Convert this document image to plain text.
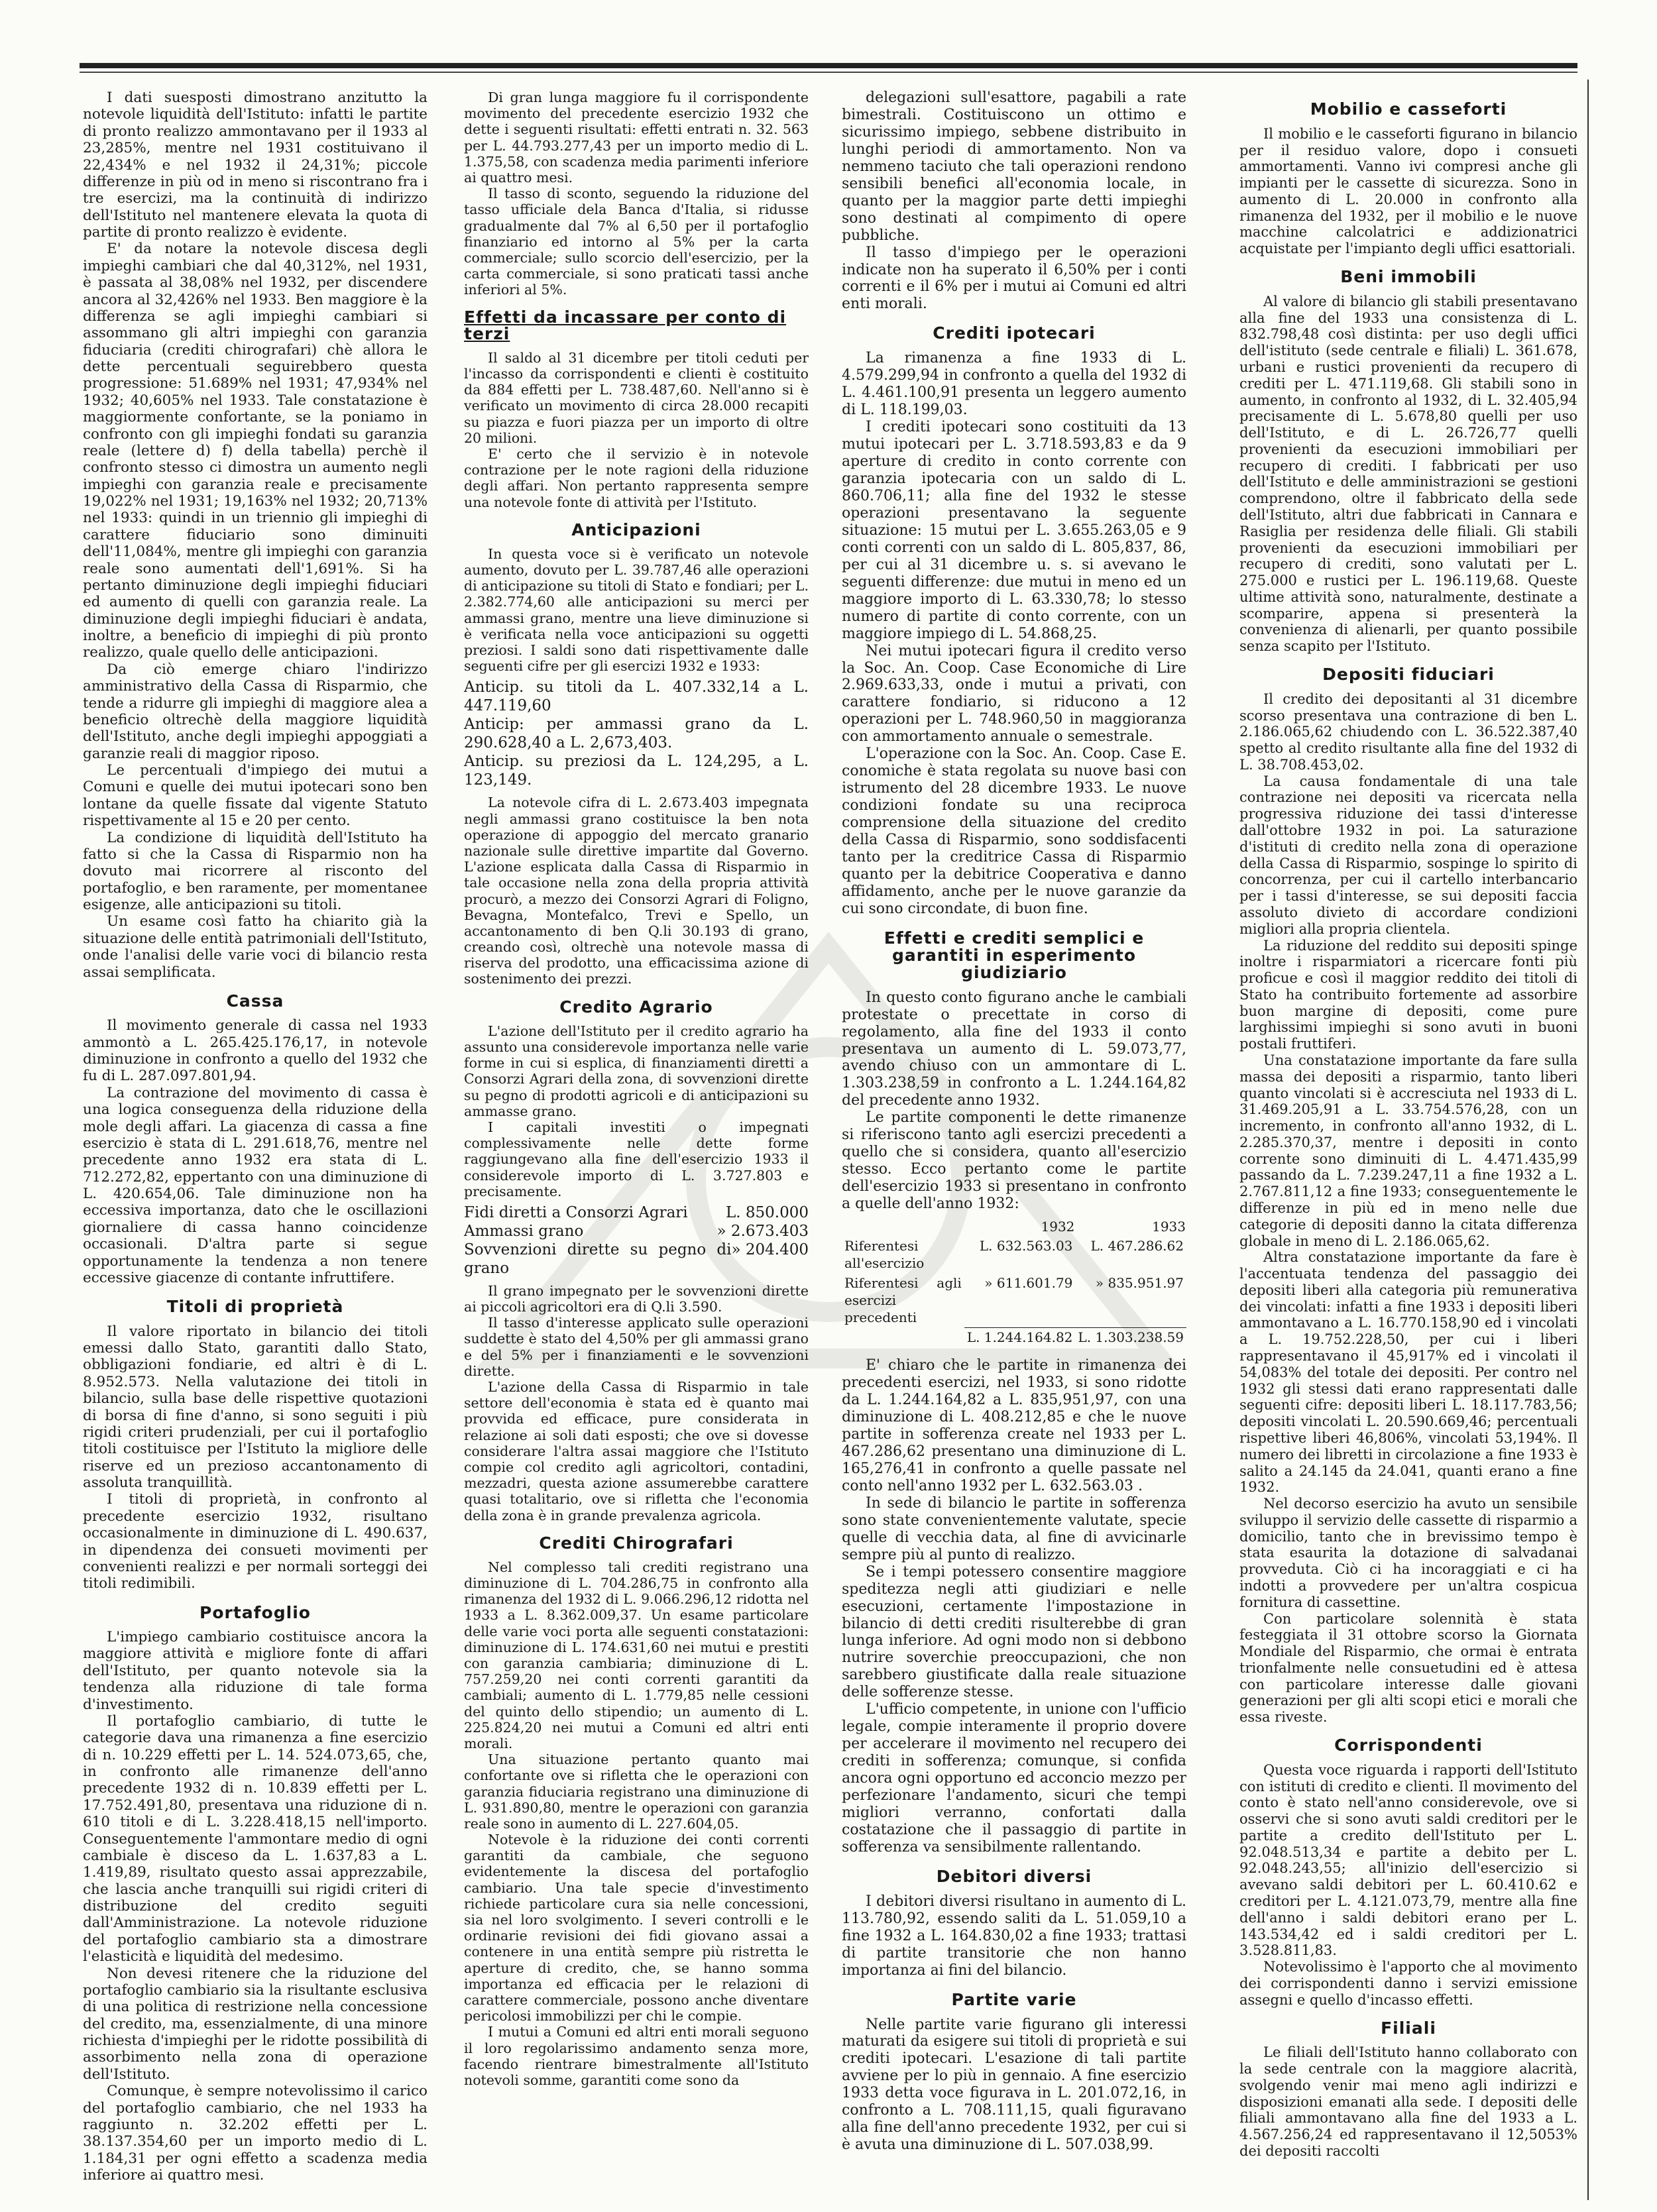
I dati suesposti dimostrano anzitutto la notevole liquidità dell'Istituto: infatti le partite di pronto realizzo ammontavano per il 1933 al 23,285%, mentre nel 1931 costituivano il 22,434% e nel 1932 il 24,31%; piccole differenze in più od in meno si riscontrano fra i tre esercizi, ma la continuità di indirizzo dell'Istituto nel mantenere elevata la quota di partite di pronto realizzo è evidente.

E' da notare la notevole discesa degli impieghi cambiari che dal 40,312%, nel 1931, è passata al 38,08% nel 1932, per discendere ancora al 32,426% nel 1933. Ben maggiore è la differenza se agli impieghi cambiari si assommano gli altri impieghi con garanzia fiduciaria (crediti chirografari) chè allora le dette percentuali seguirebbero questa progressione: 51.689% nel 1931; 47,934% nel 1932; 40,605% nel 1933. Tale constatazione è maggiormente confortante, se la poniamo in confronto con gli impieghi fondati su garanzia reale (lettere d) f) della tabella) perchè il confronto stesso ci dimostra un aumento negli impieghi con garanzia reale e precisamente 19,022% nel 1931; 19,163% nel 1932; 20,713% nel 1933: quindi in un triennio gli impieghi di carattere fiduciario sono diminuiti dell'11,084%, mentre gli impieghi con garanzia reale sono aumentati dell'1,691%. Si ha pertanto diminuzione degli impieghi fiduciari ed aumento di quelli con garanzia reale. La diminuzione degli impieghi fiduciari è andata, inoltre, a beneficio di impieghi di più pronto realizzo, quale quello delle anticipazioni.

Da ciò emerge chiaro l'indirizzo amministrativo della Cassa di Risparmio, che tende a ridurre gli impieghi di maggiore alea a beneficio oltrechè della maggiore liquidità dell'Istituto, anche degli impieghi appoggiati a garanzie reali di maggior riposo.

Le percentuali d'impiego dei mutui a Comuni e quelle dei mutui ipotecari sono ben lontane da quelle fissate dal vigente Statuto rispettivamente al 15 e 20 per cento.

La condizione di liquidità dell'Istituto ha fatto si che la Cassa di Risparmio non ha dovuto mai ricorrere al risconto del portafoglio, e ben raramente, per momentanee esigenze, alle anticipazioni su titoli.

Un esame così fatto ha chiarito già la situazione delle entità patrimoniali dell'Istituto, onde l'analisi delle varie voci di bilancio resta assai semplificata.

Cassa

Il movimento generale di cassa nel 1933 ammontò a L. 265.425.176,17, in notevole diminuzione in confronto a quello del 1932 che fu di L. 287.097.801,94.

La contrazione del movimento di cassa è una logica conseguenza della riduzione della mole degli affari. La giacenza di cassa a fine esercizio è stata di L. 291.618,76, mentre nel precedente anno 1932 era stata di L. 712.272,82, eppertanto con una diminuzione di L. 420.654,06. Tale diminuzione non ha eccessiva importanza, dato che le oscillazioni giornaliere di cassa hanno coincidenze occasionali. D'altra parte si segue opportunamente la tendenza a non tenere eccessive giacenze di contante infruttifere.

Titoli di proprietà

Il valore riportato in bilancio dei titoli emessi dallo Stato, garantiti dallo Stato, obbligazioni fondiarie, ed altri è di L. 8.952.573. Nella valutazione dei titoli in bilancio, sulla base delle rispettive quotazioni di borsa di fine d'anno, si sono seguiti i più rigidi criteri prudenziali, per cui il portafoglio titoli costituisce per l'Istituto la migliore delle riserve ed un prezioso accantonamento di assoluta tranquillità.

I titoli di proprietà, in confronto al precedente esercizio 1932, risultano occasionalmente in diminuzione di L. 490.637, in dipendenza dei consueti movimenti per convenienti realizzi e per normali sorteggi dei titoli redimibili.

Portafoglio

L'impiego cambiario costituisce ancora la maggiore attività e migliore fonte di affari dell'Istituto, per quanto notevole sia la tendenza alla riduzione di tale forma d'investimento.

Il portafoglio cambiario, di tutte le categorie dava una rimanenza a fine esercizio di n. 10.229 effetti per L. 14. 524.073,65, che, in confronto alle rimanenze dell'anno precedente 1932 di n. 10.839 effetti per L. 17.752.491,80, presentava una riduzione di n. 610 titoli e di L. 3.228.418,15 nell'importo. Conseguentemente l'ammontare medio di ogni cambiale è disceso da L. 1.637,83 a L. 1.419,89, risultato questo assai apprezzabile, che lascia anche tranquilli sui rigidi criteri di distribuzione del credito seguiti dall'Amministrazione. La notevole riduzione del portafoglio cambiario sta a dimostrare l'elasticità e liquidità del medesimo.

Non devesi ritenere che la riduzione del portafoglio cambiario sia la risultante esclusiva di una politica di restrizione nella concessione del credito, ma, essenzialmente, di una minore richiesta d'impieghi per le ridotte possibilità di assorbimento nella zona di operazione dell'Istituto.

Comunque, è sempre notevolissimo il carico del portafoglio cambiario, che nel 1933 ha raggiunto n. 32.202 effetti per L. 38.137.354,60 per un importo medio di L. 1.184,31 per ogni effetto a scadenza media inferiore ai quattro mesi.

Di gran lunga maggiore fu il corrispondente movimento del precedente esercizio 1932 che dette i seguenti risultati: effetti entrati n. 32. 563 per L. 44.793.277,43 per un importo medio di L. 1.375,58, con scadenza media parimenti inferiore ai quattro mesi.

Il tasso di sconto, seguendo la riduzione del tasso ufficiale dela Banca d'Italia, si ridusse gradualmente dal 7% al 6,50 per il portafoglio finanziario ed intorno al 5% per la carta commerciale; sullo scorcio dell'esercizio, per la carta commerciale, si sono praticati tassi anche inferiori al 5%.

Effetti da incassare per conto di terzi

Il saldo al 31 dicembre per titoli ceduti per l'incasso da corrispondenti e clienti è costituito da 884 effetti per L. 738.487,60. Nell'anno si è verificato un movimento di circa 28.000 recapiti su piazza e fuori piazza per un importo di oltre 20 milioni.

E' certo che il servizio è in notevole contrazione per le note ragioni della riduzione degli affari. Non pertanto rappresenta sempre una notevole fonte di attività per l'Istituto.

Anticipazioni

In questa voce si è verificato un notevole aumento, dovuto per L. 39.787,46 alle operazioni di anticipazione su titoli di Stato e fondiari; per L. 2.382.774,60 alle anticipazioni su merci per ammassi grano, mentre una lieve diminuzione si è verificata nella voce anticipazioni su oggetti preziosi. I saldi sono dati rispettivamente dalle seguenti cifre per gli esercizi 1932 e 1933:

Anticip. su titoli da L. 407.332,14 a L. 447.119,60
Anticip: per ammassi grano da L. 290.628,40 a L. 2,673,403.
Anticip. su preziosi da L. 124,295, a L. 123,149.

La notevole cifra di L. 2.673.403 impegnata negli ammassi grano costituisce la ben nota operazione di appoggio del mercato granario nazionale sulle direttive impartite dal Governo. L'azione esplicata dalla Cassa di Risparmio in tale occasione nella zona della propria attività procurò, a mezzo dei Consorzi Agrari di Foligno, Bevagna, Montefalco, Trevi e Spello, un accantonamento di ben Q.li 30.193 di grano, creando così, oltrechè una notevole massa di riserva del prodotto, una efficacissima azione di sostenimento dei prezzi.

Credito Agrario

L'azione dell'Istituto per il credito agrario ha assunto una considerevole importanza nelle varie forme in cui si esplica, di finanziamenti diretti a Consorzi Agrari della zona, di sovvenzioni dirette su pegno di prodotti agricoli e di anticipazioni su ammasse grano.

I capitali investiti o impegnati complessivamente nelle dette forme raggiungevano alla fine dell'esercizio 1933 il considerevole importo di L. 3.727.803 e precisamente.

Fidi diretti a Consorzi Agrari L. 850.000
Ammassi grano	» 2.673.403
Sovvenzioni dirette su pegno di grano
» 204.400

Il grano impegnato per le sovvenzioni dirette ai piccoli agricoltori era di Q.li 3.590.

Il tasso d'interesse applicato sulle operazioni suddette è stato del 4,50% per gli ammassi grano e del 5% per i finanziamenti e le sovvenzioni dirette.

L'azione della Cassa di Risparmio in tale settore dell'economia è stata ed è quanto mai provvida ed efficace, pure considerata in relazione ai soli dati esposti; che ove si dovesse considerare l'altra assai maggiore che l'Istituto compie col credito agli agricoltori, contadini, mezzadri, questa azione assumerebbe carattere quasi totalitario, ove si rifletta che l'economia della zona è in grande prevalenza agricola.

Crediti Chirografari

Nel complesso tali crediti registrano una diminuzione di L. 704.286,75 in confronto alla rimanenza del 1932 di L. 9.066.296,12 ridotta nel 1933 a L. 8.362.009,37. Un esame particolare delle varie voci porta alle seguenti constatazioni: diminuzione di L. 174.631,60 nei mutui e prestiti con garanzia cambiaria; diminuzione di L. 757.259,20 nei conti correnti garantiti da cambiali; aumento di L. 1.779,85 nelle cessioni del quinto dello stipendio; un aumento di L. 225.824,20 nei mutui a Comuni ed altri enti morali.

Una situazione pertanto quanto mai confortante ove si rifletta che le operazioni con garanzia fiduciaria registrano una diminuzione di L. 931.890,80, mentre le operazioni con garanzia reale sono in aumento di L. 227.604,05.

Notevole è la riduzione dei conti correnti garantiti da cambiale, che seguono evidentemente la discesa del portafoglio cambiario. Una tale specie d'investimento richiede particolare cura sia nelle concessioni, sia nel loro svolgimento. I severi controlli e le ordinarie revisioni dei fidi giovano assai a contenere in una entità sempre più ristretta le aperture di credito, che, se hanno somma importanza ed efficacia per le relazioni di carattere commerciale, possono anche diventare pericolosi immobilizzi per chi le compie.

I mutui a Comuni ed altri enti morali seguono il loro regolarissimo andamento senza more, facendo rientrare bimestralmente all'Istituto notevoli somme, garantiti come sono da

delegazioni sull'esattore, pagabili a rate bimestrali. Costituiscono un ottimo e sicurissimo impiego, sebbene distribuito in lunghi periodi di ammortamento. Non va nemmeno taciuto che tali operazioni rendono sensibili benefici all'economia locale, in quanto per la maggior parte detti impieghi sono destinati al compimento di opere pubbliche.

Il tasso d'impiego per le operazioni indicate non ha superato il 6,50% per i conti correnti e il 6% per i mutui ai Comuni ed altri enti morali.

Crediti ipotecari

La rimanenza a fine 1933 di L. 4.579.299,94 in confronto a quella del 1932 di L. 4.461.100,91 presenta un leggero aumento di L. 118.199,03.

I crediti ipotecari sono costituiti da 13 mutui ipotecari per L. 3.718.593,83 e da 9 aperture di credito in conto corrente con garanzia ipotecaria con un saldo di L. 860.706,11; alla fine del 1932 le stesse operazioni presentavano la seguente situazione: 15 mutui per L. 3.655.263,05 e 9 conti correnti con un saldo di L. 805,837, 86, per cui al 31 dicembre u. s. si avevano le seguenti differenze: due mutui in meno ed un maggiore importo di L. 63.330,78; lo stesso numero di partite di conto corrente, con un maggiore impiego di L. 54.868,25.

Nei mutui ipotecari figura il credito verso la Soc. An. Coop. Case Economiche di Lire 2.969.633,33, onde i mutui a privati, con carattere fondiario, si riducono a 12 operazioni per L. 748.960,50 in maggioranza con ammortamento annuale o semestrale.

L'operazione con la Soc. An. Coop. Case E. conomiche è stata regolata su nuove basi con istrumento del 28 dicembre 1933. Le nuove condizioni fondate su una reciproca comprensione della situazione del credito della Cassa di Risparmio, sono soddisfacenti tanto per la creditrice Cassa di Risparmio quanto per la debitrice Cooperativa e danno affidamento, anche per le nuove garanzie da cui sono circondate, di buon fine.

Effetti e crediti semplici e garantiti in esperimento giudiziario

In questo conto figurano anche le cambiali protestate o precettate in corso di regolamento, alla fine del 1933 il conto presentava un aumento di L. 59.073,77, avendo chiuso con un ammontare di L. 1.303.238,59 in confronto a L. 1.244.164,82 del precedente anno 1932.

Le partite componenti le dette rimanenze si riferiscono tanto agli esercizi precedenti a quello che si considera, quanto all'esercizio stesso. Ecco pertanto come le partite dell'esercizio 1933 si presentano in confronto a quelle dell'anno 1932:

	1932	1933
Riferentesi all'esercizio	L. 632.563.03	L. 467.286.62
Riferentesi agli esercizi precedenti	» 611.601.79	» 835.951.97
	L. 1.244.164.82	L. 1.303.238.59

E' chiaro che le partite in rimanenza dei precedenti esercizi, nel 1933, si sono ridotte da L. 1.244.164,82 a L. 835,951,97, con una diminuzione di L. 408.212,85 e che le nuove partite in sofferenza create nel 1933 per L. 467.286,62 presentano una diminuzione di L. 165,276,41 in confronto a quelle passate nel conto nell'anno 1932 per L. 632.563.03 .

In sede di bilancio le partite in sofferenza sono state convenientemente valutate, specie quelle di vecchia data, al fine di avvicinarle sempre più al punto di realizzo.

Se i tempi potessero consentire maggiore speditezza negli atti giudiziari e nelle esecuzioni, certamente l'impostazione in bilancio di detti crediti risulterebbe di gran lunga inferiore. Ad ogni modo non si debbono nutrire soverchie preoccupazioni, che non sarebbero giustificate dalla reale situazione delle sofferenze stesse.

L'ufficio competente, in unione con l'ufficio legale, compie interamente il proprio dovere per accelerare il movimento nel recupero dei crediti in sofferenza; comunque, si confida ancora ogni opportuno ed acconcio mezzo per perfezionare l'andamento, sicuri che tempi migliori verranno, confortati dalla costatazione che il passaggio di partite in sofferenza va sensibilmente rallentando.

Debitori diversi

I debitori diversi risultano in aumento di L. 113.780,92, essendo saliti da L. 51.059,10 a fine 1932 a L. 164.830,02 a fine 1933; trattasi di partite transitorie che non hanno importanza ai fini del bilancio.

Partite varie

Nelle partite varie figurano gli interessi maturati da esigere sui titoli di proprietà e sui crediti ipotecari. L'esazione di tali partite avviene per lo più in gennaio. A fine esercizio 1933 detta voce figurava in L. 201.072,16, in confronto a L. 708.111,15, quali figuravano alla fine dell'anno precedente 1932, per cui si è avuta una diminuzione di L. 507.038,99.

Mobilio e casseforti

Il mobilio e le casseforti figurano in bilancio per il residuo valore, dopo i consueti ammortamenti. Vanno ivi compresi anche gli impianti per le cassette di sicurezza. Sono in aumento di L. 20.000 in confronto alla rimanenza del 1932, per il mobilio e le nuove macchine calcolatrici e addizionatrici acquistate per l'impianto degli uffici esattoriali.

Beni immobili

Al valore di bilancio gli stabili presentavano alla fine del 1933 una consistenza di L. 832.798,48 così distinta: per uso degli uffici dell'istituto (sede centrale e filiali) L. 361.678, urbani e rustici provenienti da recupero di crediti per L. 471.119,68. Gli stabili sono in aumento, in confronto al 1932, di L. 32.405,94 precisamente di L. 5.678,80 quelli per uso dell'Istituto, e di L. 26.726,77 quelli provenienti da esecuzioni immobiliari per recupero di crediti. I fabbricati per uso dell'Istituto e delle amministrazioni se gestioni comprendono, oltre il fabbricato della sede dell'Istituto, altri due fabbricati in Cannara e Rasiglia per residenza delle filiali. Gli stabili provenienti da esecuzioni immobiliari per recupero di crediti, sono valutati per L. 275.000 e rustici per L. 196.119,68. Queste ultime attività sono, naturalmente, destinate a scomparire, appena si presenterà la convenienza di alienarli, per quanto possibile senza scapito per l'Istituto.

Depositi fiduciari

Il credito dei depositanti al 31 dicembre scorso presentava una contrazione di ben L. 2.186.065,62 chiudendo con L. 36.522.387,40 spetto al credito risultante alla fine del 1932 di L. 38.708.453,02.

La causa fondamentale di una tale contrazione nei depositi va ricercata nella progressiva riduzione dei tassi d'interesse dall'ottobre 1932 in poi. La saturazione d'istituti di credito nella zona di operazione della Cassa di Risparmio, sospinge lo spirito di concorrenza, per cui il cartello interbancario per i tassi d'interesse, se sui depositi faccia assoluto divieto di accordare condizioni migliori alla propria clientela.

La riduzione del reddito sui depositi spinge inoltre i risparmiatori a ricercare fonti più proficue e così il maggior reddito dei titoli di Stato ha contribuito fortemente ad assorbire buon margine di depositi, come pure larghissimi impieghi si sono avuti in buoni postali fruttiferi.

Una constatazione importante da fare sulla massa dei depositi a risparmio, tanto liberi quanto vincolati si è accresciuta nel 1933 di L. 31.469.205,91 a L. 33.754.576,28, con un incremento, in confronto all'anno 1932, di L. 2.285.370,37, mentre i depositi in conto corrente sono diminuiti di L. 4.471.435,99 passando da L. 7.239.247,11 a fine 1932 a L. 2.767.811,12 a fine 1933; conseguentemente le differenze in più ed in meno nelle due categorie di depositi danno la citata differenza globale in meno di L. 2.186.065,62.

Altra constatazione importante da fare è l'accentuata tendenza del passaggio dei depositi liberi alla categoria più remunerativa dei vincolati: infatti a fine 1933 i depositi liberi ammontavano a L. 16.770.158,90 ed i vincolati a L. 19.752.228,50, per cui i liberi rappresentavano il 45,917% ed i vincolati il 54,083% del totale dei depositi. Per contro nel 1932 gli stessi dati erano rappresentati dalle seguenti cifre: depositi liberi L. 18.117.783,56; depositi vincolati L. 20.590.669,46; percentuali rispettive liberi 46,806%, vincolati 53,194%. Il numero dei libretti in circolazione a fine 1933 è salito a 24.145 da 24.041, quanti erano a fine 1932.

Nel decorso esercizio ha avuto un sensibile sviluppo il servizio delle cassette di risparmio a domicilio, tanto che in brevissimo tempo è stata esaurita la dotazione di salvadanai provveduta. Ciò ci ha incoraggiati e ci ha indotti a provvedere per un'altra cospicua fornitura di cassettine.

Con particolare solennità è stata festeggiata il 31 ottobre scorso la Giornata Mondiale del Risparmio, che ormai è entrata trionfalmente nelle consuetudini ed è attesa con particolare interesse dalle giovani generazioni per gli alti scopi etici e morali che essa riveste.

Corrispondenti

Questa voce riguarda i rapporti dell'Istituto con istituti di credito e clienti. Il movimento del conto è stato nell'anno considerevole, ove si osservi che si sono avuti saldi creditori per le partite a credito dell'Istituto per L. 92.048.513,34 e partite a debito per L. 92.048.243,55; all'inizio dell'esercizio si avevano saldi debitori per L. 60.410.62 e creditori per L. 4.121.073,79, mentre alla fine dell'anno i saldi debitori erano per L. 143.534,42 ed i saldi creditori per L. 3.528.811,83.

Notevolissimo è l'apporto che al movimento dei corrispondenti danno i servizi emissione assegni e quello d'incasso effetti.

Filiali

Le filiali dell'Istituto hanno collaborato con la sede centrale con la maggiore alacrità, svolgendo venir mai meno agli indirizzi e disposizioni emanati alla sede. I depositi delle filiali ammontavano alla fine del 1933 a L. 4.567.256,24 ed rappresentavano il 12,5053% dei depositi raccolti
